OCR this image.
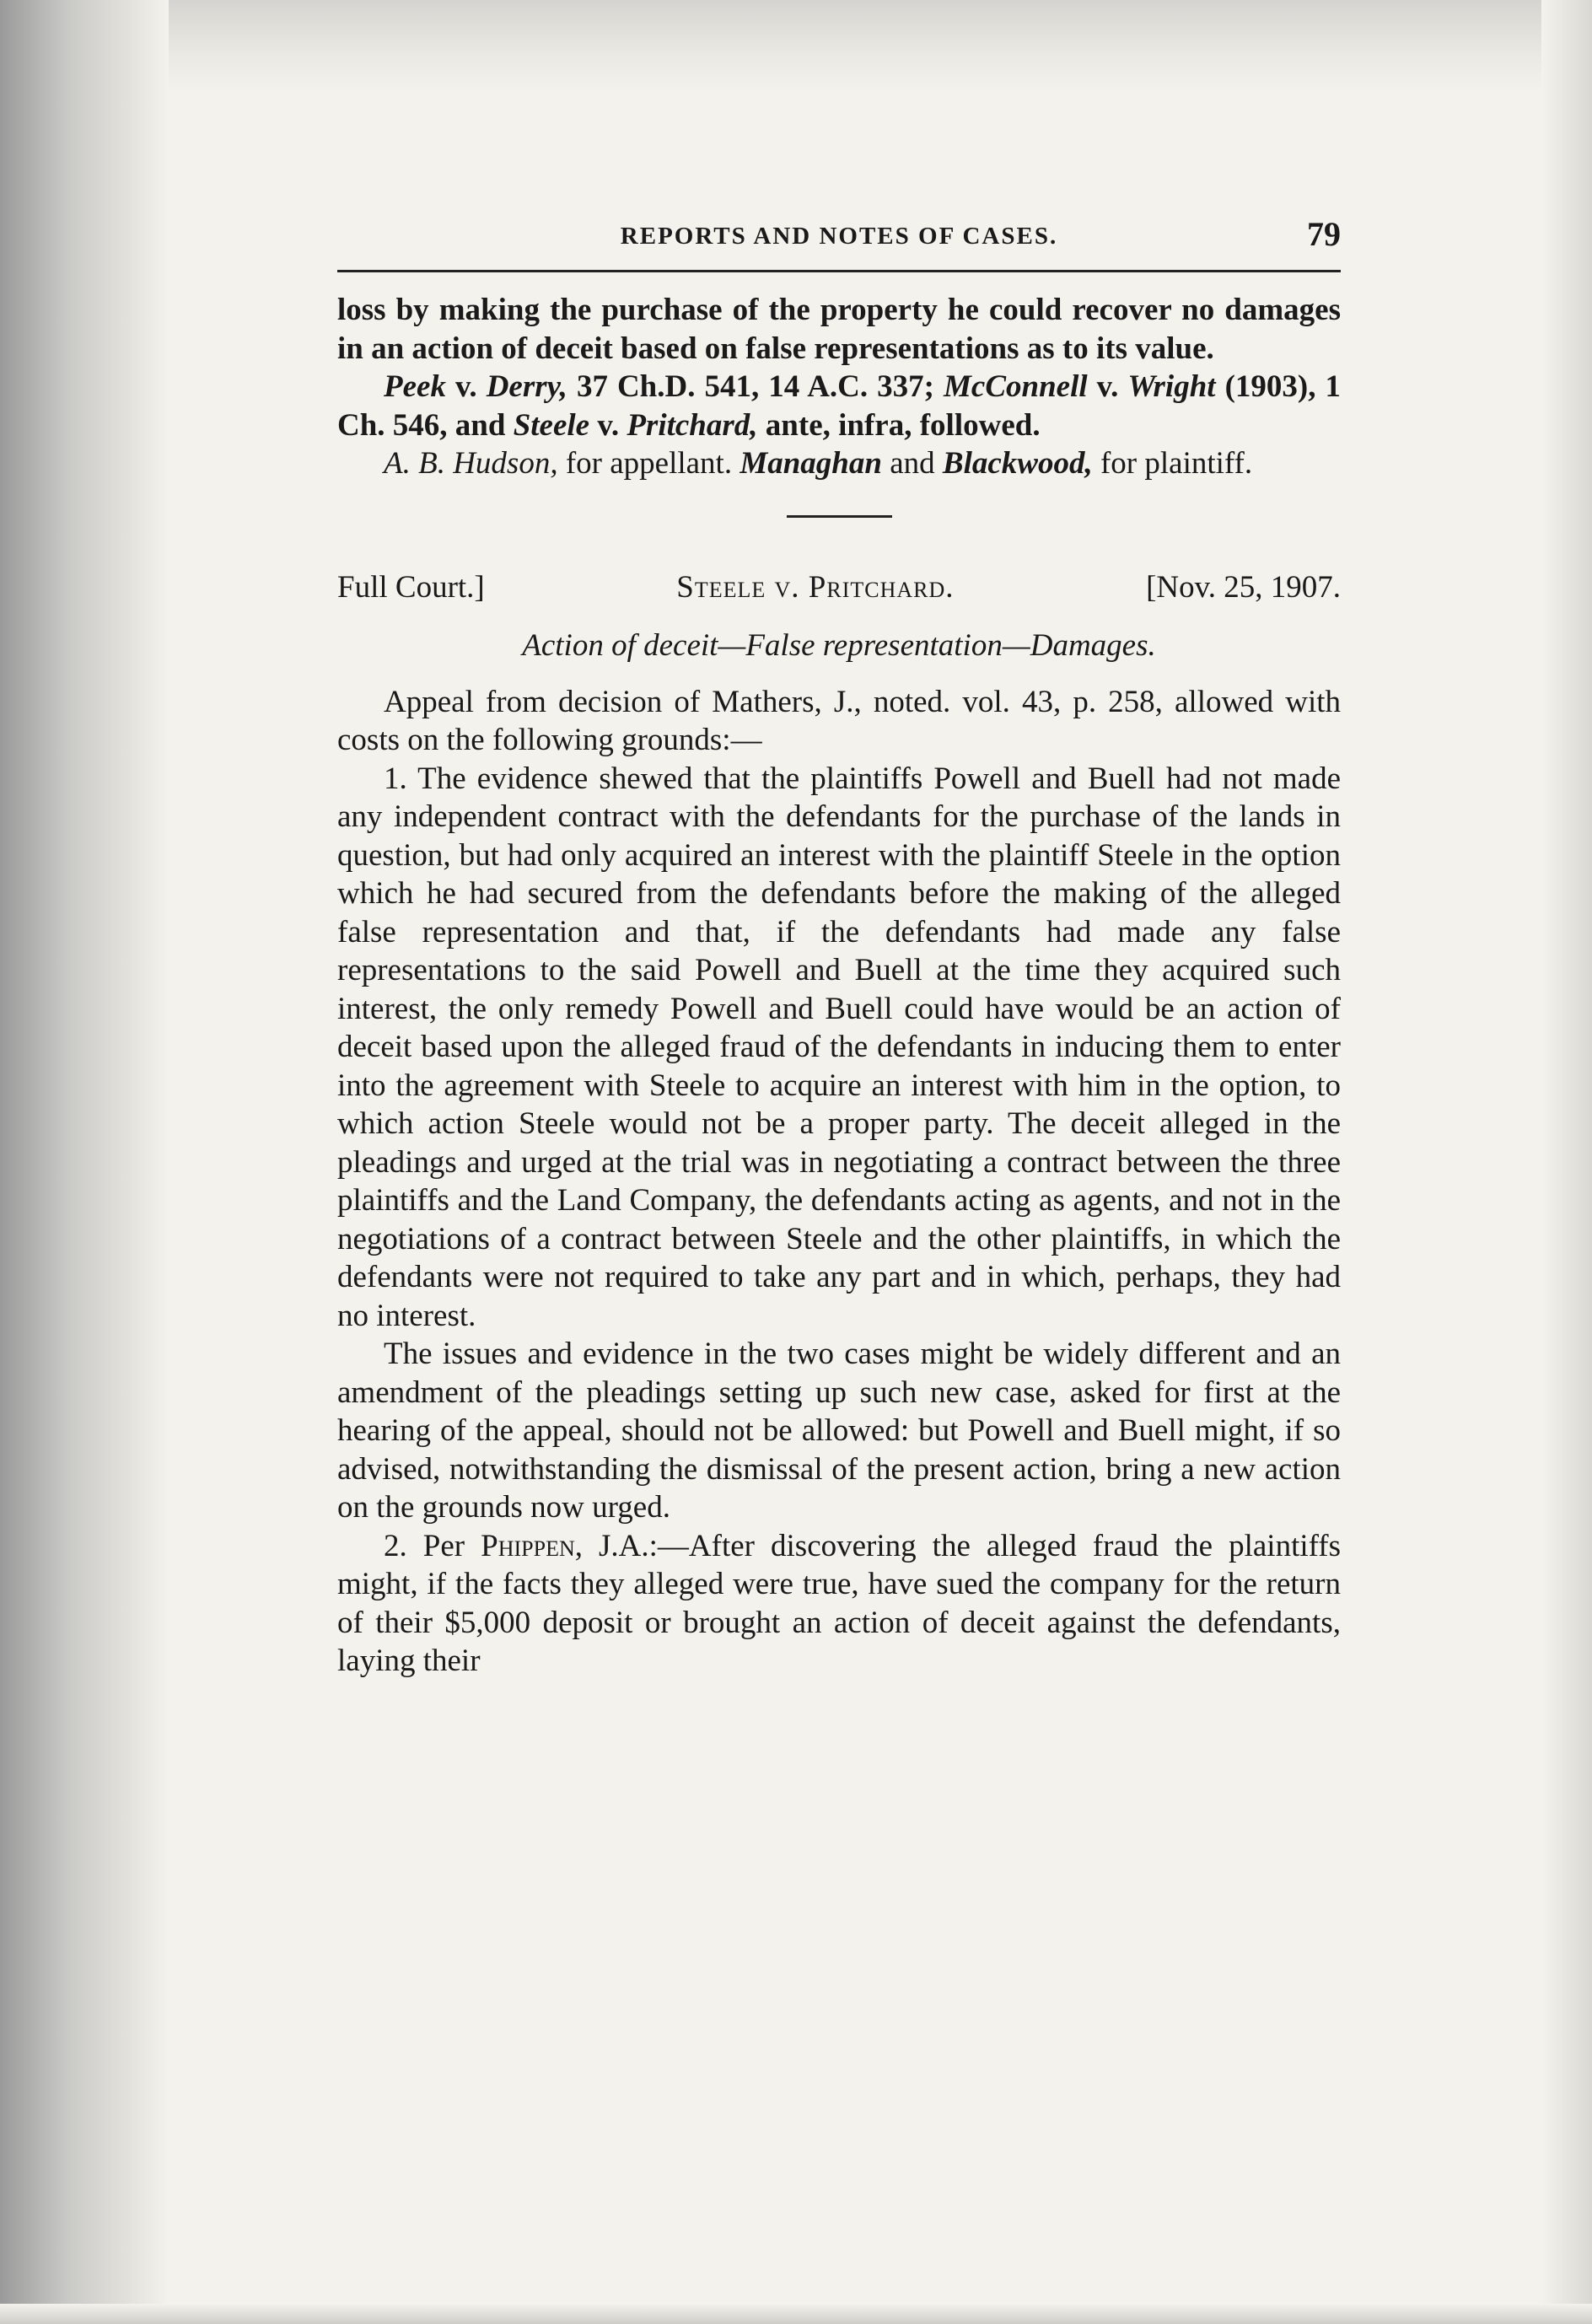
REPORTS AND NOTES OF CASES.	79

loss by making the purchase of the property he could recover no damages in an action of deceit based on false representations as to its value.

Peek v. Derry, 37 Ch.D. 541, 14 A.C. 337; McConnell v. Wright (1903), 1 Ch. 546, and Steele v. Pritchard, ante, infra, followed.

A. B. Hudson, for appellant. Managhan and Blackwood, for plaintiff.

Full Court.]	Steele v. Pritchard.	[Nov. 25, 1907.
Action of deceit—False representation—Damages.

Appeal from decision of Mathers, J., noted. vol. 43, p. 258, allowed with costs on the following grounds:—

1. The evidence shewed that the plaintiffs Powell and Buell had not made any independent contract with the defendants for the purchase of the lands in question, but had only acquired an interest with the plaintiff Steele in the option which he had secured from the defendants before the making of the alleged false representation and that, if the defendants had made any false representations to the said Powell and Buell at the time they acquired such interest, the only remedy Powell and Buell could have would be an action of deceit based upon the alleged fraud of the defendants in inducing them to enter into the agreement with Steele to acquire an interest with him in the option, to which action Steele would not be a proper party. The deceit alleged in the pleadings and urged at the trial was in negotiating a contract between the three plaintiffs and the Land Company, the defendants acting as agents, and not in the negotiations of a contract between Steele and the other plaintiffs, in which the defendants were not required to take any part and in which, perhaps, they had no interest.

The issues and evidence in the two cases might be widely different and an amendment of the pleadings setting up such new case, asked for first at the hearing of the appeal, should not be allowed: but Powell and Buell might, if so advised, notwithstanding the dismissal of the present action, bring a new action on the grounds now urged.

2. Per Phippen, J.A.:—After discovering the alleged fraud the plaintiffs might, if the facts they alleged were true, have sued the company for the return of their $5,000 deposit or brought an action of deceit against the defendants, laying their
